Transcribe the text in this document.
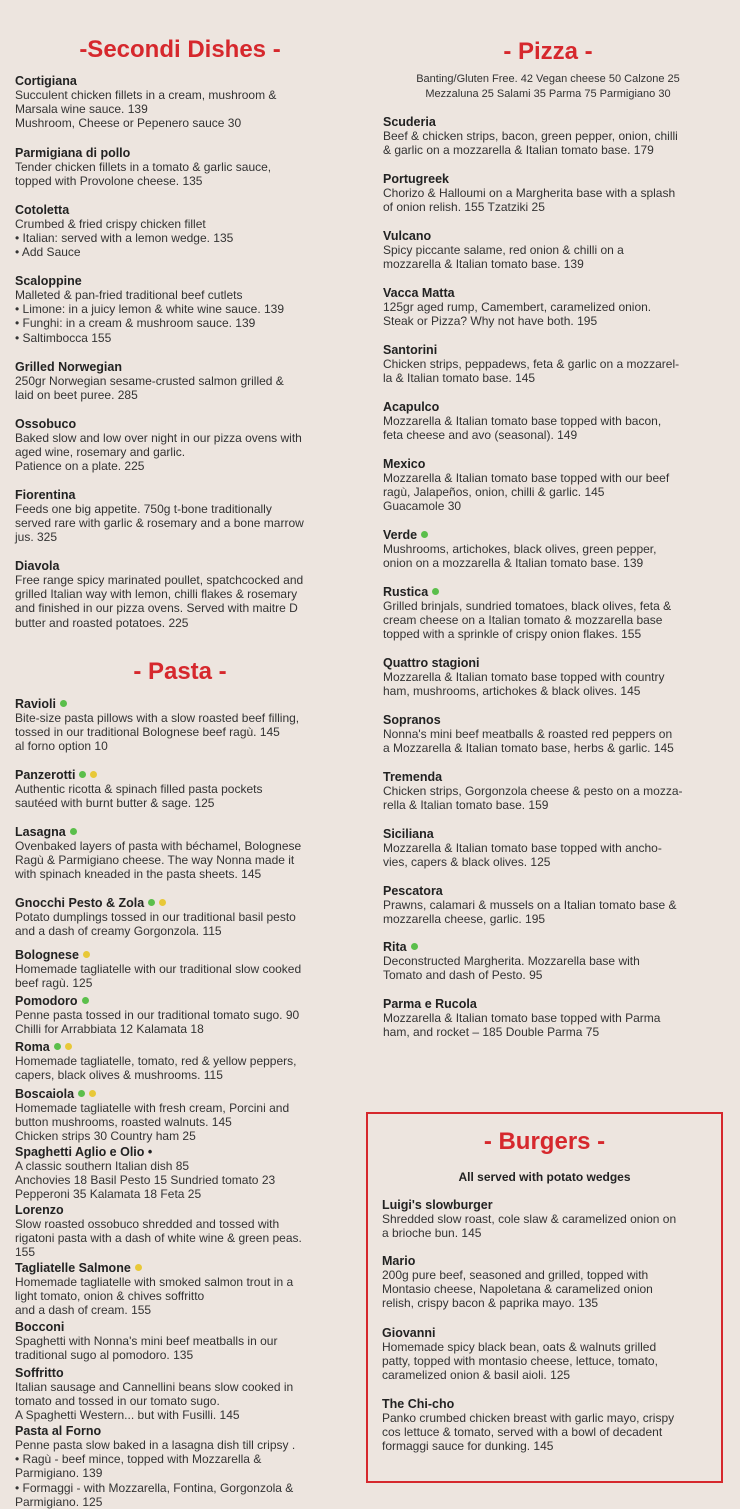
-Secondi Dishes -
Cortigiana
Succulent chicken fillets in a cream, mushroom &
Marsala wine sauce. 139
Mushroom, Cheese or Pepenero sauce 30
Parmigiana di pollo
Tender chicken fillets in a tomato & garlic sauce,
topped with Provolone cheese. 135
Cotoletta
Crumbed & fried crispy chicken fillet
• Italian: served with a lemon wedge. 135
• Add Sauce
Scaloppine
Malleted & pan-fried traditional beef cutlets
• Limone: in a juicy lemon & white wine sauce. 139
• Funghi: in a cream & mushroom sauce. 139
• Saltimbocca 155
Grilled Norwegian
250gr Norwegian sesame-crusted salmon grilled &
laid on beet puree. 285
Ossobuco
Baked slow and low over night in our pizza ovens with
aged wine, rosemary and garlic.
Patience on a plate. 225
Fiorentina
Feeds one big appetite. 750g t-bone traditionally
served rare with garlic & rosemary and a bone marrow
jus. 325
Diavola
Free range spicy marinated poullet, spatchcocked and
grilled Italian way with lemon, chilli flakes & rosemary
and finished in our pizza ovens. Served with maitre D
butter and roasted potatoes. 225
- Pasta -
Ravioli
Bite-size pasta pillows with a slow roasted beef filling,
tossed in our traditional Bolognese beef ragù. 145
al forno option 10
Panzerotti
Authentic ricotta & spinach filled pasta pockets
sautéed with burnt butter & sage. 125
Lasagna
Ovenbaked layers of pasta with béchamel, Bolognese
Ragù & Parmigiano cheese. The way Nonna made it
with spinach kneaded in the pasta sheets. 145
Gnocchi Pesto & Zola
Potato dumplings tossed in our traditional basil pesto
and a dash of creamy Gorgonzola. 115
Bolognese
Homemade tagliatelle with our traditional slow cooked
beef ragù. 125
Pomodoro
Penne pasta tossed in our traditional tomato sugo. 90
Chilli for Arrabbiata 12 Kalamata 18
Roma
Homemade tagliatelle, tomato, red & yellow peppers,
capers, black olives & mushrooms. 115
Boscaiola
Homemade tagliatelle with fresh cream, Porcini and
button mushrooms, roasted walnuts. 145
Chicken strips 30 Country ham 25
Spaghetti Aglio e Olio •
A classic southern Italian dish 85
Anchovies 18 Basil Pesto 15 Sundried tomato 23
Pepperoni 35 Kalamata 18 Feta 25
Lorenzo
Slow roasted ossobuco shredded and tossed with
rigatoni pasta with a dash of white wine & green peas.
155
Tagliatelle Salmone
Homemade tagliatelle with smoked salmon trout in a
light tomato, onion & chives soffritto
and a dash of cream. 155
Bocconi
Spaghetti with Nonna's mini beef meatballs in our
traditional sugo al pomodoro. 135
Soffritto
Italian sausage and Cannellini beans slow cooked in
tomato and tossed in our tomato sugo.
A Spaghetti Western... but with Fusilli. 145
Pasta al Forno
Penne pasta slow baked in a lasagna dish till cripsy .
• Ragù - beef mince, topped with Mozzarella &
Parmigiano. 139
• Formaggi - with Mozzarella, Fontina, Gorgonzola &
Parmigiano. 125
- Pizza -
Banting/Gluten Free. 42 Vegan cheese 50 Calzone 25
Mezzaluna 25 Salami 35 Parma 75 Parmigiano 30
Scuderia
Beef & chicken strips, bacon, green pepper, onion, chilli
& garlic on a mozzarella & Italian tomato base. 179
Portugreek
Chorizo & Halloumi on a Margherita base with a splash
of onion relish. 155 Tzatziki 25
Vulcano
Spicy piccante salame, red onion & chilli on a
mozzarella & Italian tomato base. 139
Vacca Matta
125gr aged rump, Camembert, caramelized onion.
Steak or Pizza? Why not have both. 195
Santorini
Chicken strips, peppadews, feta & garlic on a mozzarel-
la & Italian tomato base. 145
Acapulco
Mozzarella & Italian tomato base topped with bacon,
feta cheese and avo (seasonal). 149
Mexico
Mozzarella & Italian tomato base topped with our beef
ragù, Jalapeños, onion, chilli & garlic. 145
Guacamole 30
Verde
Mushrooms, artichokes, black olives, green pepper,
onion on a mozzarella & Italian tomato base. 139
Rustica
Grilled brinjals, sundried tomatoes, black olives, feta &
cream cheese on a Italian tomato & mozzarella base
topped with a sprinkle of crispy onion flakes. 155
Quattro stagioni
Mozzarella & Italian tomato base topped with country
ham, mushrooms, artichokes & black olives. 145
Sopranos
Nonna's mini beef meatballs & roasted red peppers on
a Mozzarella & Italian tomato base, herbs & garlic. 145
Tremenda
Chicken strips, Gorgonzola cheese & pesto on a mozza-
rella & Italian tomato base. 159
Siciliana
Mozzarella & Italian tomato base topped with ancho-
vies, capers & black olives. 125
Pescatora
Prawns, calamari & mussels on a Italian tomato base &
mozzarella cheese, garlic. 195
Rita
Deconstructed Margherita. Mozzarella base with
Tomato and dash of Pesto. 95
Parma e Rucola
Mozzarella & Italian tomato base topped with Parma
ham, and rocket – 185 Double Parma 75
- Burgers -
All served with potato wedges
Luigi's slowburger
Shredded slow roast, cole slaw & caramelized onion on
a brioche bun. 145
Mario
200g pure beef, seasoned and grilled, topped with
Montasio cheese, Napoletana & caramelized onion
relish, crispy bacon & paprika mayo. 135
Giovanni
Homemade spicy black bean, oats & walnuts grilled
patty, topped with montasio cheese, lettuce, tomato,
caramelized onion & basil aioli. 125
The Chi-cho
Panko crumbed chicken breast with garlic mayo, crispy
cos lettuce & tomato, served with a bowl of decadent
formaggi sauce for dunking. 145
